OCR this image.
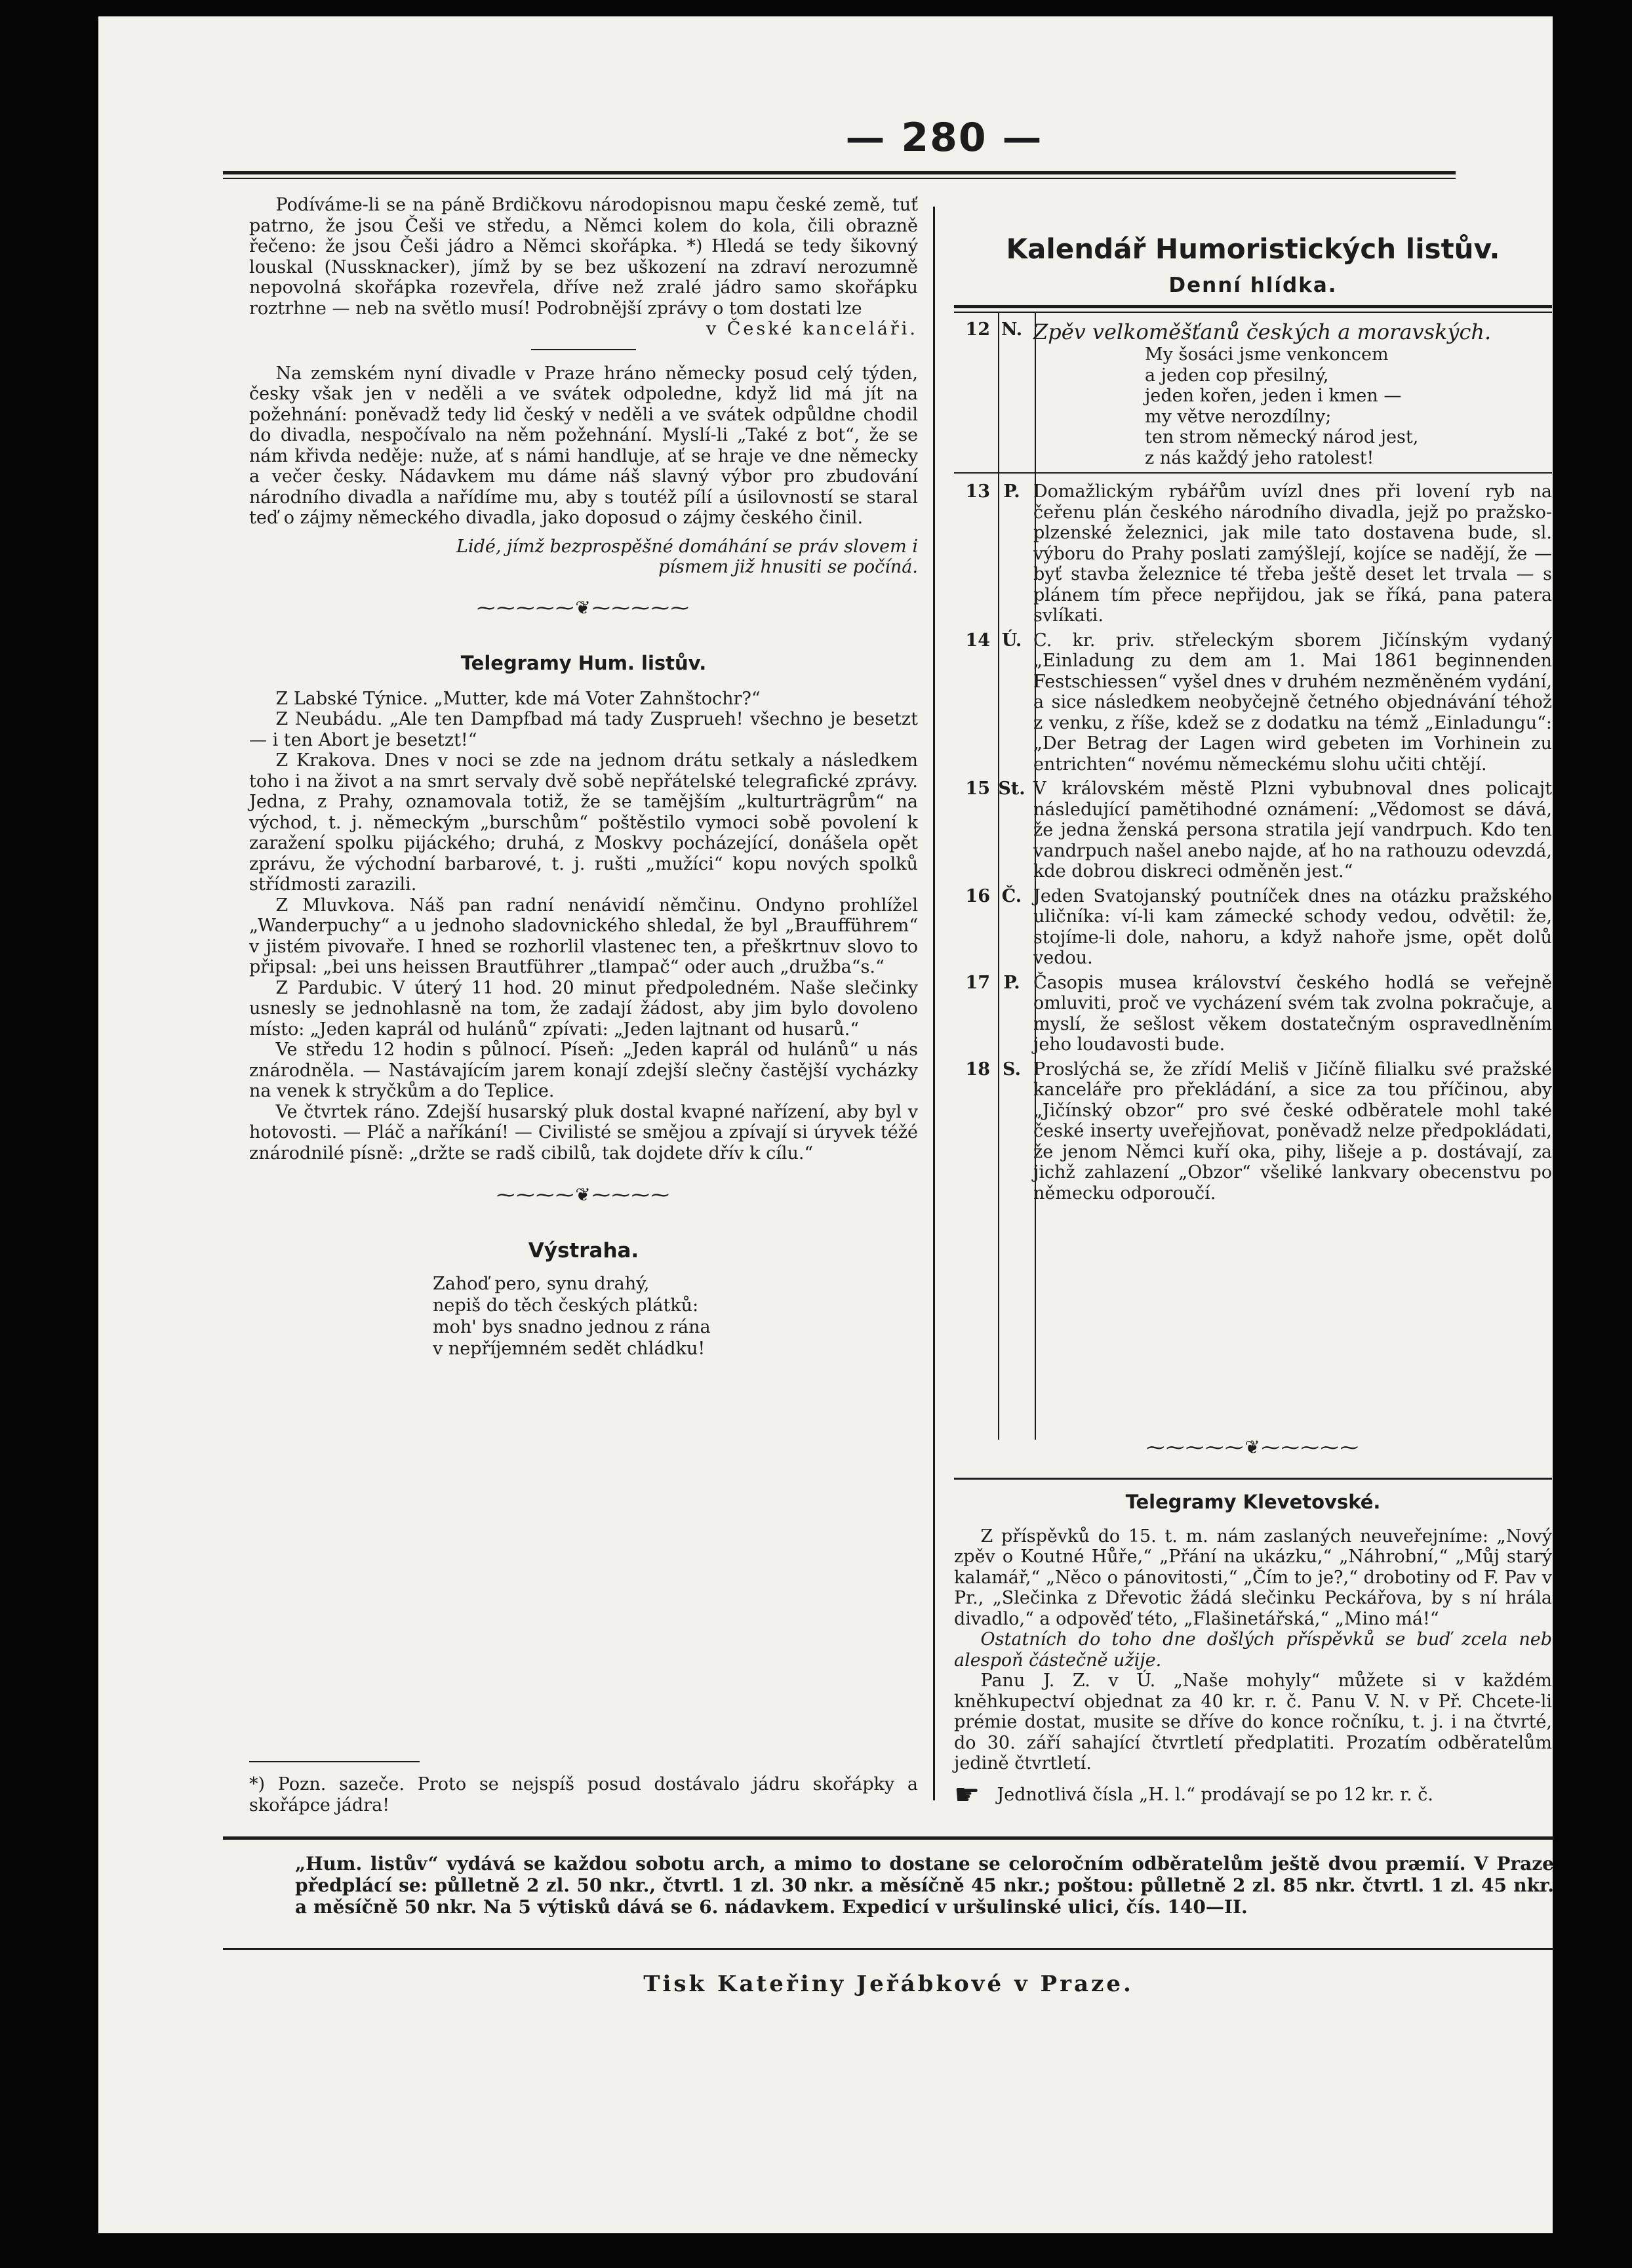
— 280 —

Podíváme-li se na páně Brdičkovu národopisnou mapu české země, tuť patrno, že jsou Češi ve středu, a Němci kolem do kola, čili obrazně řečeno: že jsou Češi jádro a Němci skořápka. *) Hledá se tedy šikovný louskal (Nussknacker), jímž by se bez uškození na zdraví nerozumně nepovolná skořápka rozevřela, dříve než zralé jádro samo skořápku roztrhne — neb na světlo musí! Podrobnější zprávy o tom dostati lze

v České kanceláři.

Na zemském nyní divadle v Praze hráno německy posud celý týden, česky však jen v neděli a ve svátek odpoledne, když lid má jít na požehnání: poněvadž tedy lid český v neděli a ve svátek odpůldne chodil do divadla, nespočívalo na něm požehnání. Myslí-li „Také z bot“, že se nám křivda neděje: nuže, ať s námi handluje, ať se hraje ve dne německy a večer česky. Nádavkem mu dáme náš slavný výbor pro zbudování národního divadla a nařídíme mu, aby s toutéž pílí a úsilovností se staral teď o zájmy německého divadla, jako doposud o zájmy českého činil.

Lidé, jímž bezprospěšné domáhání se práv slovem i písmem již hnusiti se počíná.

⁓⁓⁓⁓⁓❦⁓⁓⁓⁓⁓
Telegramy Hum. listův.

Z Labské Týnice. „Mutter, kde má Voter Zahnštochr?“

Z Neubádu. „Ale ten Dampfbad má tady Zusprueh! všechno je besetzt — i ten Abort je besetzt!“

Z Krakova. Dnes v noci se zde na jednom drátu setkaly a následkem toho i na život a na smrt servaly dvě sobě nepřátelské telegrafické zprávy. Jedna, z Prahy, oznamovala totiž, že se tamějším „kulturträgrům“ na východ, t. j. německým „burschům“ poštěstilo vymoci sobě povolení k zaražení spolku pijáckého; druhá, z Moskvy pocházející, donášela opět zprávu, že východní barbarové, t. j. rušti „mužíci“ kopu nových spolků střídmosti zarazili.

Z Mluvkova. Náš pan radní nenávidí němčinu. Ondyno prohlížel „Wanderpuchy“ a u jednoho sladovnického shledal, že byl „Braufführem“ v jistém pivovaře. I hned se rozhorlil vlastenec ten, a přeškrtnuv slovo to připsal: „bei uns heissen Brautführer „tlampač“ oder auch „družba“s.“

Z Pardubic. V úterý 11 hod. 20 minut předpoledném. Naše slečinky usnesly se jednohlasně na tom, že zadají žádost, aby jim bylo dovoleno místo: „Jeden kaprál od hulánů“ zpívati: „Jeden lajtnant od husarů.“

Ve středu 12 hodin s půlnocí. Píseň: „Jeden kaprál od hulánů“ u nás znárodněla. — Nastávajícím jarem konají zdejší slečny častější vycházky na venek k stryčkům a do Teplice.

Ve čtvrtek ráno. Zdejší husarský pluk dostal kvapné nařízení, aby byl v hotovosti. — Pláč a naříkání! — Civilisté se smějou a zpívají si úryvek téžé znárodnilé písně: „držte se radš cibilů, tak dojdete dřív k cílu.“

⁓⁓⁓⁓❦⁓⁓⁓⁓
Výstraha.
Zahoď pero, synu drahý,
nepiš do těch českých plátků:
moh' bys snadno jednou z rána
v nepříjemném sedět chládku!

*) Pozn. sazeče. Proto se nejspíš posud dostávalo jádru skořápky a skořápce jádra!

Kalendář Humoristických listův.
Denní hlídka.
12 N. Zpěv velkoměšťanů českých a moravských.
My šosáci jsme venkoncem
a jeden cop přesilný,
jeden kořen, jeden i kmen —
my větve nerozdílny;
ten strom německý národ jest,
z nás každý jeho ratolest!
13 P. Domažlickým rybářům uvízl dnes při lovení ryb na čeřenu plán českého národního divadla, jejž po pražsko-plzenské železnici, jak mile tato dostavena bude, sl. výboru do Prahy poslati zamýšlejí, kojíce se nadějí, že — byť stavba železnice té třeba ještě deset let trvala — s plánem tím přece nepřijdou, jak se říká, pana patera svlíkati.
14 Ú. C. kr. priv. střeleckým sborem Jičínským vydaný „Einladung zu dem am 1. Mai 1861 beginnenden Festschiessen“ vyšel dnes v druhém nezměněném vydání, a sice následkem neobyčejně četného objednávání téhož z venku, z říše, kdež se z dodatku na témž „Einladungu“: „Der Betrag der Lagen wird gebeten im Vorhinein zu entrichten“ novému německému slohu učiti chtějí.
15 St. V královském městě Plzni vybubnoval dnes policajt následující pamětihodné oznámení: „Vědomost se dává, že jedna ženská persona stratila její vandrpuch. Kdo ten vandrpuch našel anebo najde, ať ho na rathouzu odevzdá, kde dobrou diskreci odměněn jest.“
16 Č. Jeden Svatojanský poutníček dnes na otázku pražského uličníka: ví-li kam zámecké schody vedou, odvětil: že, stojíme-li dole, nahoru, a když nahoře jsme, opět dolů vedou.
17 P. Časopis musea království českého hodlá se veřejně omluviti, proč ve vycházení svém tak zvolna pokračuje, a myslí, že sešlost věkem dostatečným ospravedlněním jeho loudavosti bude.
18 S. Proslýchá se, že zřídí Meliš v Jičíně filialku své pražské kanceláře pro překládání, a sice za tou příčinou, aby „Jičínský obzor“ pro své české odběratele mohl také české inserty uveřejňovat, poněvadž nelze předpokládati, že jenom Němci kuří oka, pihy, lišeje a p. dostávají, za jichž zahlazení „Obzor“ všeliké lankvary obecenstvu po německu odporoučí.
⁓⁓⁓⁓⁓❦⁓⁓⁓⁓⁓
Telegramy Klevetovské.

Z příspěvků do 15. t. m. nám zaslaných neuveřejníme: „Nový zpěv o Koutné Hůře,“ „Přání na ukázku,“ „Náhrobní,“ „Můj starý kalamář,“ „Něco o pánovitosti,“ „Čím to je?,“ drobotiny od F. Pav v Pr., „Slečinka z Dřevotic žádá slečinku Peckářova, by s ní hrála divadlo,“ a odpověď této, „Flašinetářská,“ „Mino má!“

Ostatních do toho dne došlých příspěvků se buď zcela neb alespoň částečně užije.

Panu J. Z. v Ú. „Naše mohyly“ můžete si v každém kněhkupectví objednat za 40 kr. r. č. Panu V. N. v Př. Chcete-li prémie dostat, musite se dříve do konce ročníku, t. j. i na čtvrté, do 30. září sahající čtvrtletí předplatiti. Prozatím odběratelům jedině čtvrtletí.

☛ Jednotlivá čísla „H. l.“ prodávají se po 12 kr. r. č.

„Hum. listův“ vydává se každou sobotu arch, a mimo to dostane se celoročním odběratelům ještě dvou præmií. V Praze předplácí se: půlletně 2 zl. 50 nkr., čtvrtl. 1 zl. 30 nkr. a měsíčně 45 nkr.; poštou: půlletně 2 zl. 85 nkr. čtvrtl. 1 zl. 45 nkr. a měsíčně 50 nkr. Na 5 výtisků dává se 6. nádavkem. Expedicí v uršulinské ulici, čís. 140—II.

Tisk Kateřiny Jeřábkové v Praze.
